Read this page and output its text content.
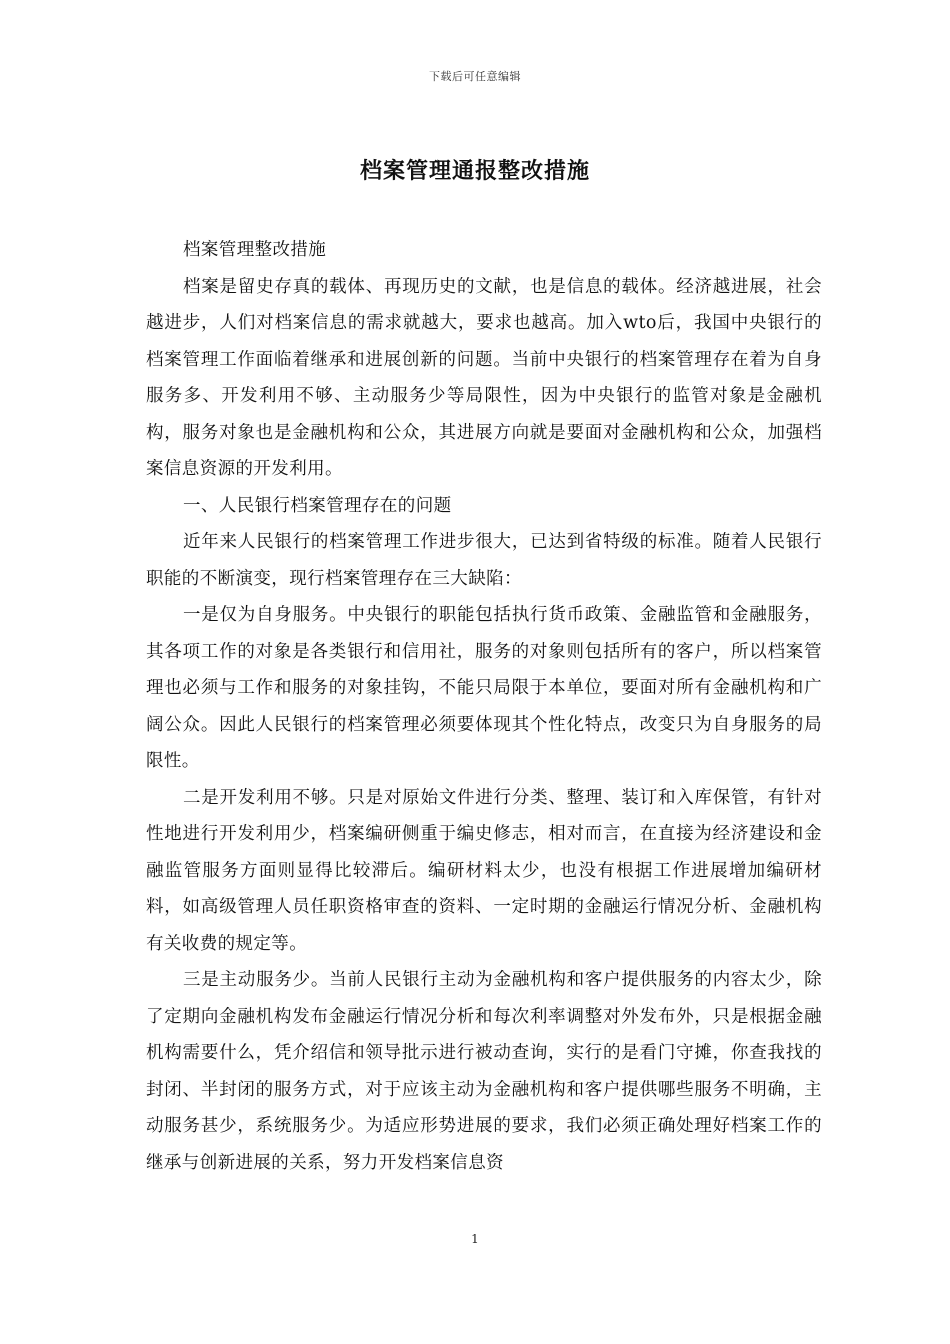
下载后可任意编辑
档案管理通报整改措施

档案管理整改措施

档案是留史存真的载体、再现历史的文献，也是信息的载体。经济越进展，社会越进步，人们对档案信息的需求就越大，要求也越高。加入wto后，我国中央银行的档案管理工作面临着继承和进展创新的问题。当前中央银行的档案管理存在着为自身服务多、开发利用不够、主动服务少等局限性，因为中央银行的监管对象是金融机构，服务对象也是金融机构和公众，其进展方向就是要面对金融机构和公众，加强档案信息资源的开发利用。

一、人民银行档案管理存在的问题

近年来人民银行的档案管理工作进步很大，已达到省特级的标准。随着人民银行职能的不断演变，现行档案管理存在三大缺陷：

一是仅为自身服务。中央银行的职能包括执行货币政策、金融监管和金融服务，其各项工作的对象是各类银行和信用社，服务的对象则包括所有的客户，所以档案管理也必须与工作和服务的对象挂钩，不能只局限于本单位，要面对所有金融机构和广阔公众。因此人民银行的档案管理必须要体现其个性化特点，改变只为自身服务的局限性。

二是开发利用不够。只是对原始文件进行分类、整理、装订和入库保管，有针对性地进行开发利用少，档案编研侧重于编史修志，相对而言，在直接为经济建设和金融监管服务方面则显得比较滞后。编研材料太少，也没有根据工作进展增加编研材料，如高级管理人员任职资格审查的资料、一定时期的金融运行情况分析、金融机构有关收费的规定等。

三是主动服务少。当前人民银行主动为金融机构和客户提供服务的内容太少，除了定期向金融机构发布金融运行情况分析和每次利率调整对外发布外，只是根据金融机构需要什么，凭介绍信和领导批示进行被动查询，实行的是看门守摊，你查我找的封闭、半封闭的服务方式，对于应该主动为金融机构和客户提供哪些服务不明确，主动服务甚少，系统服务少。为适应形势进展的要求，我们必须正确处理好档案工作的继承与创新进展的关系，努力开发档案信息资

1
